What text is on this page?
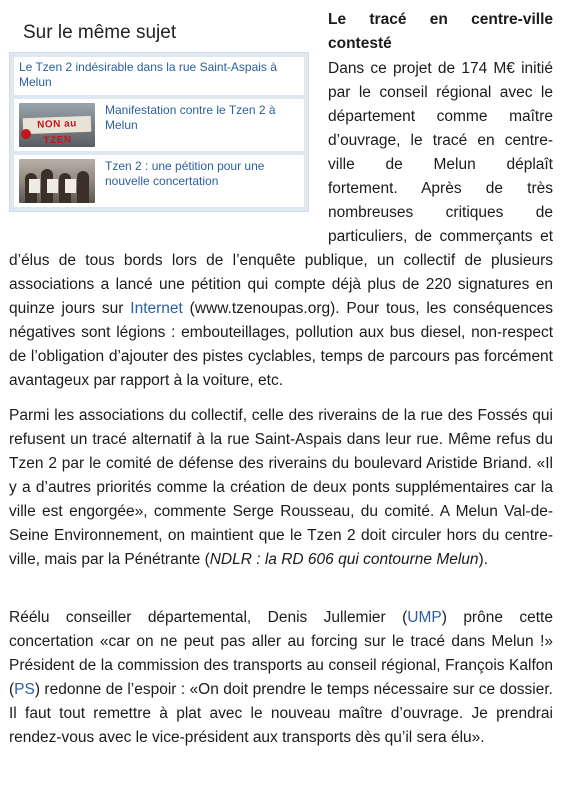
Sur le même sujet
Le Tzen 2 indésirable dans la rue Saint-Aspais à Melun
NON au TZEN
Manifestation contre le Tzen 2 à Melun
Tzen 2 : une pétition pour une nouvelle concertation
Le tracé en centre-ville contesté
Dans ce projet de 174 M€ initié
par le conseil régional avec le
département comme maître
d’ouvrage, le tracé en centre-
ville de Melun déplaît
fortement. Après de très
nombreuses critiques de
particuliers, de commerçants et

d’élus de tous bords lors de l’enquête publique, un collectif de plusieurs associations a lancé une pétition qui compte déjà plus de 220 signatures en quinze jours sur Internet (www.tzenoupas.org). Pour tous, les conséquences négatives sont légions : embouteillages, pollution aux bus diesel, non-respect de l’obligation d’ajouter des pistes cyclables, temps de parcours pas forcément avantageux par rapport à la voiture, etc.

Parmi les associations du collectif, celle des riverains de la rue des Fossés qui refusent un tracé alternatif à la rue Saint-Aspais dans leur rue. Même refus du Tzen 2 par le comité de défense des riverains du boulevard Aristide Briand. «Il y a d’autres priorités comme la création de deux ponts supplémentaires car la ville est engorgée», commente Serge Rousseau, du comité. A Melun Val-de-Seine Environnement, on maintient que le Tzen 2 doit circuler hors du centre-ville, mais par la Pénétrante (NDLR : la RD 606 qui contourne Melun).

Réélu conseiller départemental, Denis Jullemier (UMP) prône cette concertation «car on ne peut pas aller au forcing sur le tracé dans Melun !» Président de la commission des transports au conseil régional, François Kalfon (PS) redonne de l’espoir : «On doit prendre le temps nécessaire sur ce dossier. Il faut tout remettre à plat avec le nouveau maître d’ouvrage. Je prendrai rendez-vous avec le vice-président aux transports dès qu’il sera élu».
